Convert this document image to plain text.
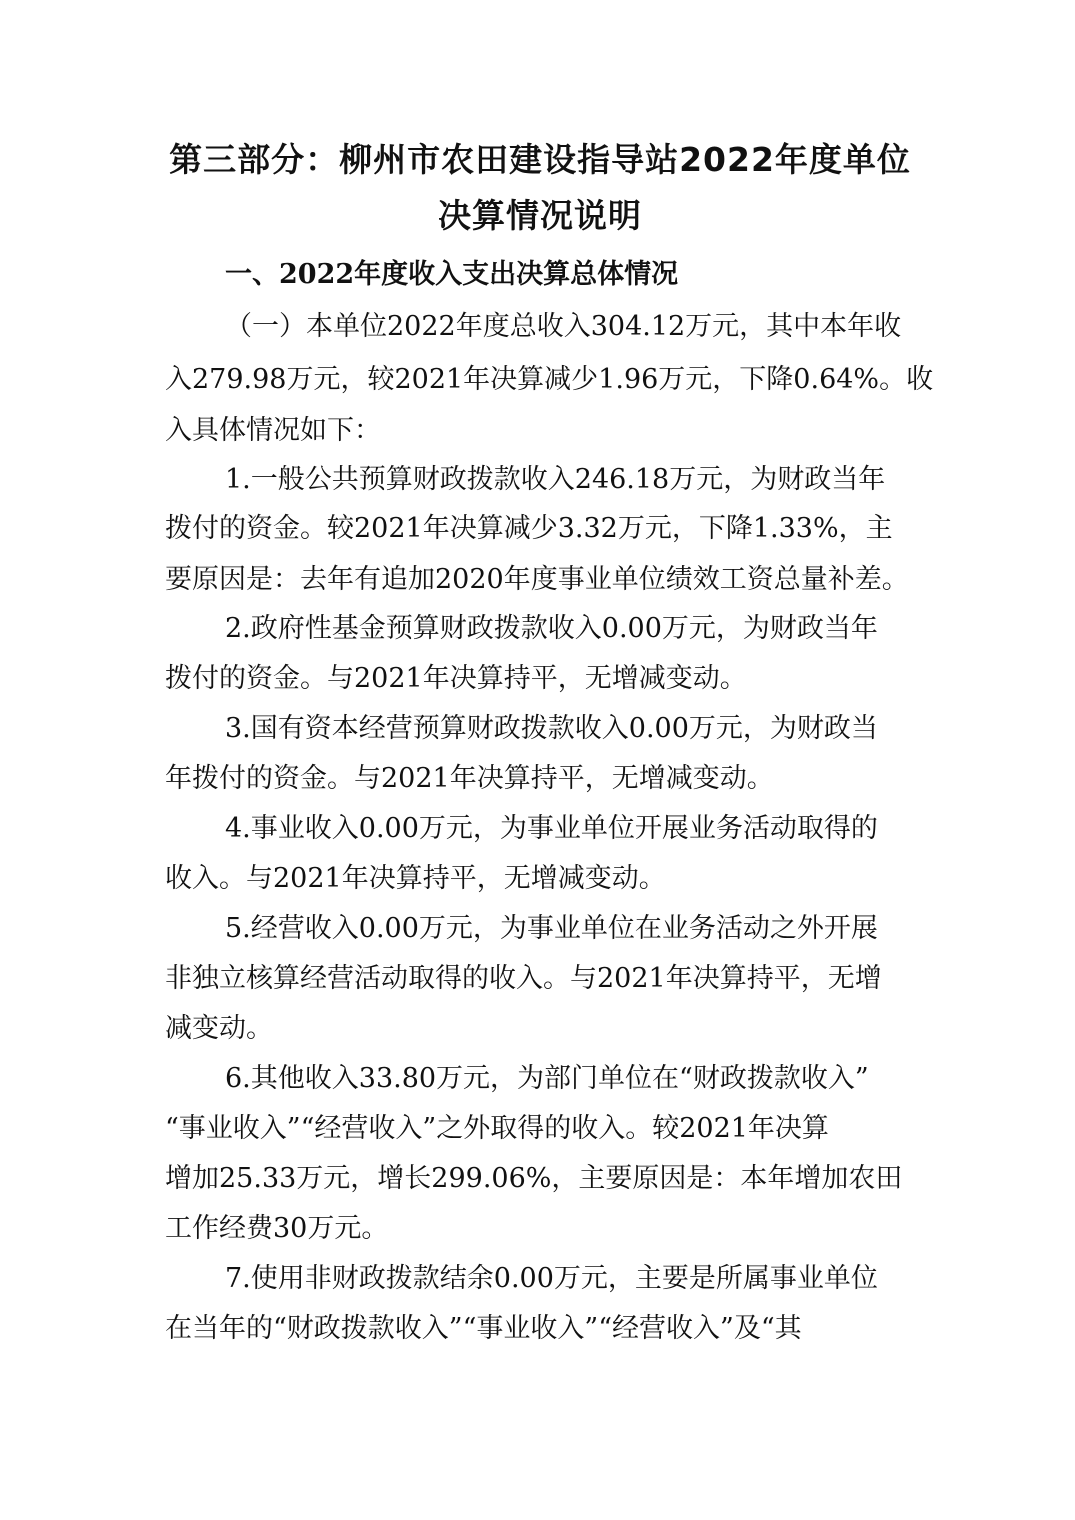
第三部分：柳州市农田建设指导站2022年度单位
决算情况说明

一、2022年度收入支出决算总体情况

（一）本单位2022年度总收入304.12万元，其中本年收

入279.98万元，较2021年决算减少1.96万元，下降0.64%。收

入具体情况如下：

1.一般公共预算财政拨款收入246.18万元，为财政当年

拨付的资金。较2021年决算减少3.32万元，下降1.33%，主

要原因是：去年有追加2020年度事业单位绩效工资总量补差。

2.政府性基金预算财政拨款收入0.00万元，为财政当年

拨付的资金。与2021年决算持平，无增减变动。

3.国有资本经营预算财政拨款收入0.00万元，为财政当

年拨付的资金。与2021年决算持平，无增减变动。

4.事业收入0.00万元，为事业单位开展业务活动取得的

收入。与2021年决算持平，无增减变动。

5.经营收入0.00万元，为事业单位在业务活动之外开展

非独立核算经营活动取得的收入。与2021年决算持平，无增

减变动。

6.其他收入33.80万元，为部门单位在“财政拨款收入”

“事业收入”“经营收入”之外取得的收入。较2021年决算

增加25.33万元，增长299.06%，主要原因是：本年增加农田

工作经费30万元。

7.使用非财政拨款结余0.00万元，主要是所属事业单位

在当年的“财政拨款收入”“事业收入”“经营收入”及“其
